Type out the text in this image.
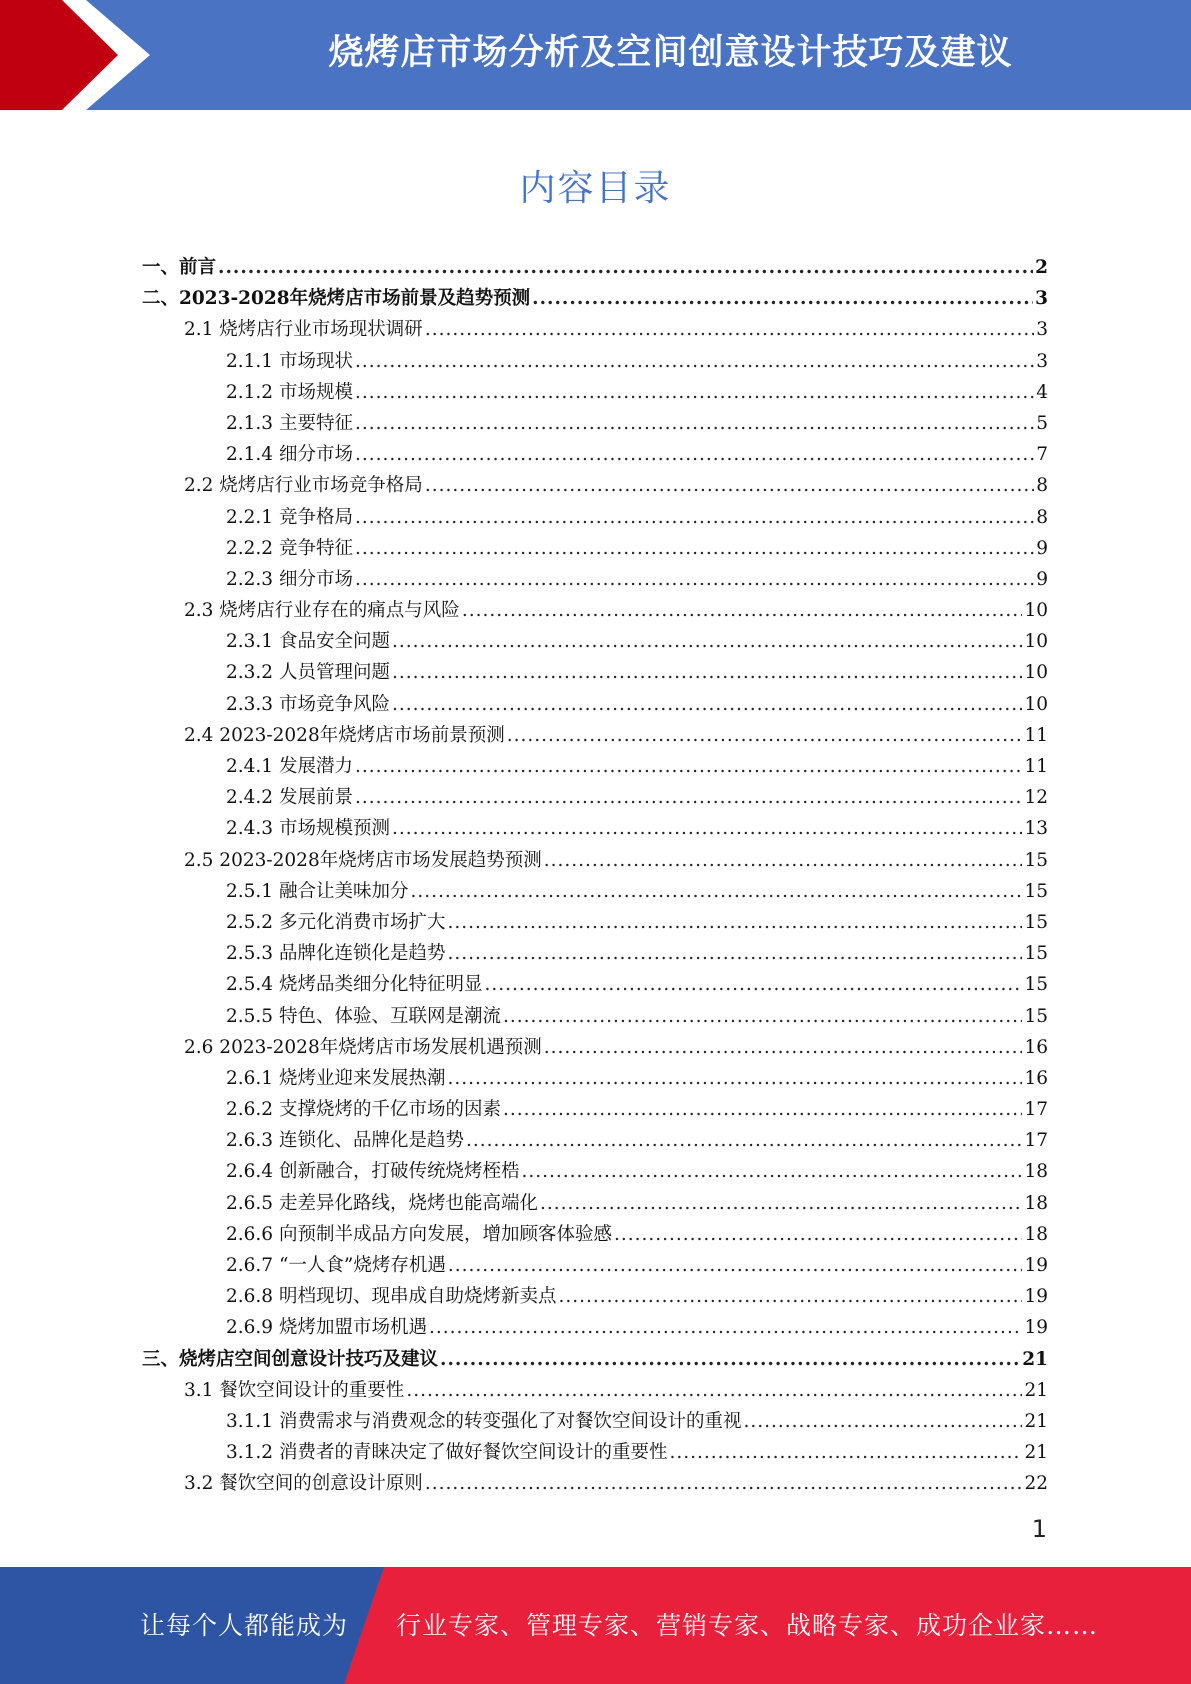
烧烤店市场分析及空间创意设计技巧及建议
内容目录
一、前言 .....	2
二、2023-2028年烧烤店市场前景及趋势预测 .....	3
2.1 烧烤店行业市场现状调研 .....	3
2.1.1 市场现状 .....	3
2.1.2 市场规模 .....	4
2.1.3 主要特征 .....	5
2.1.4 细分市场 .....	7
2.2 烧烤店行业市场竞争格局 .....	8
2.2.1 竞争格局 .....	8
2.2.2 竞争特征 .....	9
2.2.3 细分市场 .....	9
2.3 烧烤店行业存在的痛点与风险 .....	10
2.3.1 食品安全问题 .....	10
2.3.2 人员管理问题 .....	10
2.3.3 市场竞争风险 .....	10
2.4 2023-2028年烧烤店市场前景预测 .....	11
2.4.1 发展潜力 .....	11
2.4.2 发展前景 .....	12
2.4.3 市场规模预测 .....	13
2.5 2023-2028年烧烤店市场发展趋势预测 .....	15
2.5.1 融合让美味加分 .....	15
2.5.2 多元化消费市场扩大 .....	15
2.5.3 品牌化连锁化是趋势 .....	15
2.5.4 烧烤品类细分化特征明显 .....	15
2.5.5 特色、体验、互联网是潮流 .....	15
2.6 2023-2028年烧烤店市场发展机遇预测 .....	16
2.6.1 烧烤业迎来发展热潮 .....	16
2.6.2 支撑烧烤的千亿市场的因素 .....	17
2.6.3 连锁化、品牌化是趋势 .....	17
2.6.4 创新融合，打破传统烧烤桎梏 .....	18
2.6.5 走差异化路线，烧烤也能高端化 .....	18
2.6.6 向预制半成品方向发展，增加顾客体验感 .....	18
2.6.7 “一人食”烧烤存机遇 .....	19
2.6.8 明档现切、现串成自助烧烤新卖点 .....	19
2.6.9 烧烤加盟市场机遇 .....	19
三、烧烤店空间创意设计技巧及建议 .....	21
3.1 餐饮空间设计的重要性 .....	21
3.1.1 消费需求与消费观念的转变强化了对餐饮空间设计的重视 .....	21
3.1.2 消费者的青睐决定了做好餐饮空间设计的重要性 .....	21
3.2 餐饮空间的创意设计原则 .....	22
1
让每个人都能成为 行业专家、管理专家、营销专家、战略专家、成功企业家……
